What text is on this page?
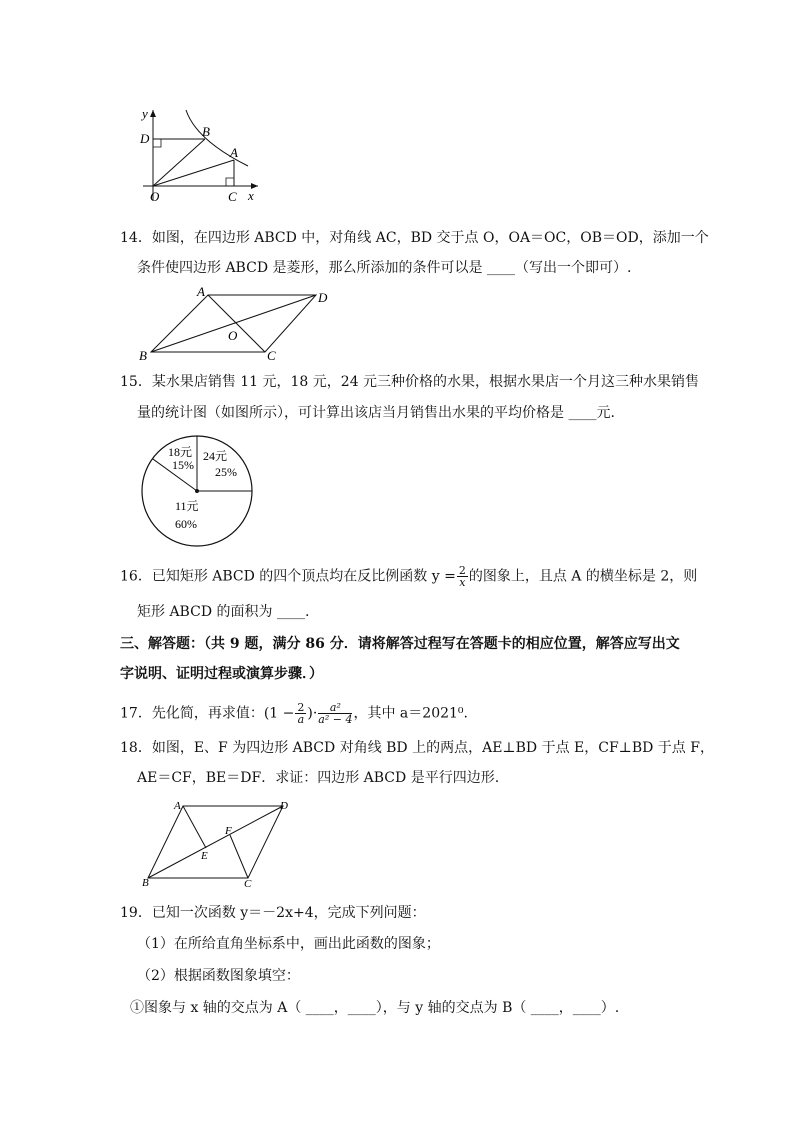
y
D	B
A
O	C x
14．如图，在四边形 ABCD 中，对角线 AC，BD 交于点 O，OA＝OC，OB＝OD，添加一个
条件使四边形 ABCD 是菱形，那么所添加的条件可以是 ____（写出一个即可）.
A	D
O
B	C
15．某水果店销售 11 元，18 元，24 元三种价格的水果，根据水果店一个月这三种水果销售
量的统计图（如图所示），可计算出该店当月销售出水果的平均价格是 ____元.
24元
25%
18元
15%
11元
60%
16．已知矩形 ABCD 的四个顶点均在反比例函数 $y = \frac{2}{x}$ 的图象上，且点 A 的横坐标是 2，则
矩形 ABCD 的面积为 ____.
三、解答题：（共 9 题，满分 86 分．请将解答过程写在答题卡的相应位置，解答应写出文
字说明、证明过程或演算步骤．）
17．先化简，再求值：($1 - \frac{2}{a}$ )· $\frac{\text{a²}}{\text{a² − 4}}$ ，其中 a＝2021⁰.
18．如图，E、F 为四边形 ABCD 对角线 BD 上的两点，AE⊥BD 于点 E，CF⊥BD 于点 F，
AE＝CF，BE＝DF．求证：四边形 ABCD 是平行四边形.
A	D
F
E
B	C
19．已知一次函数 y＝－2x+4，完成下列问题：
（1）在所给直角坐标系中，画出此函数的图象；
（2）根据函数图象填空：
①图象与 x 轴的交点为 A（ ____，____），与 y 轴的交点为 B（ ____，____）.
